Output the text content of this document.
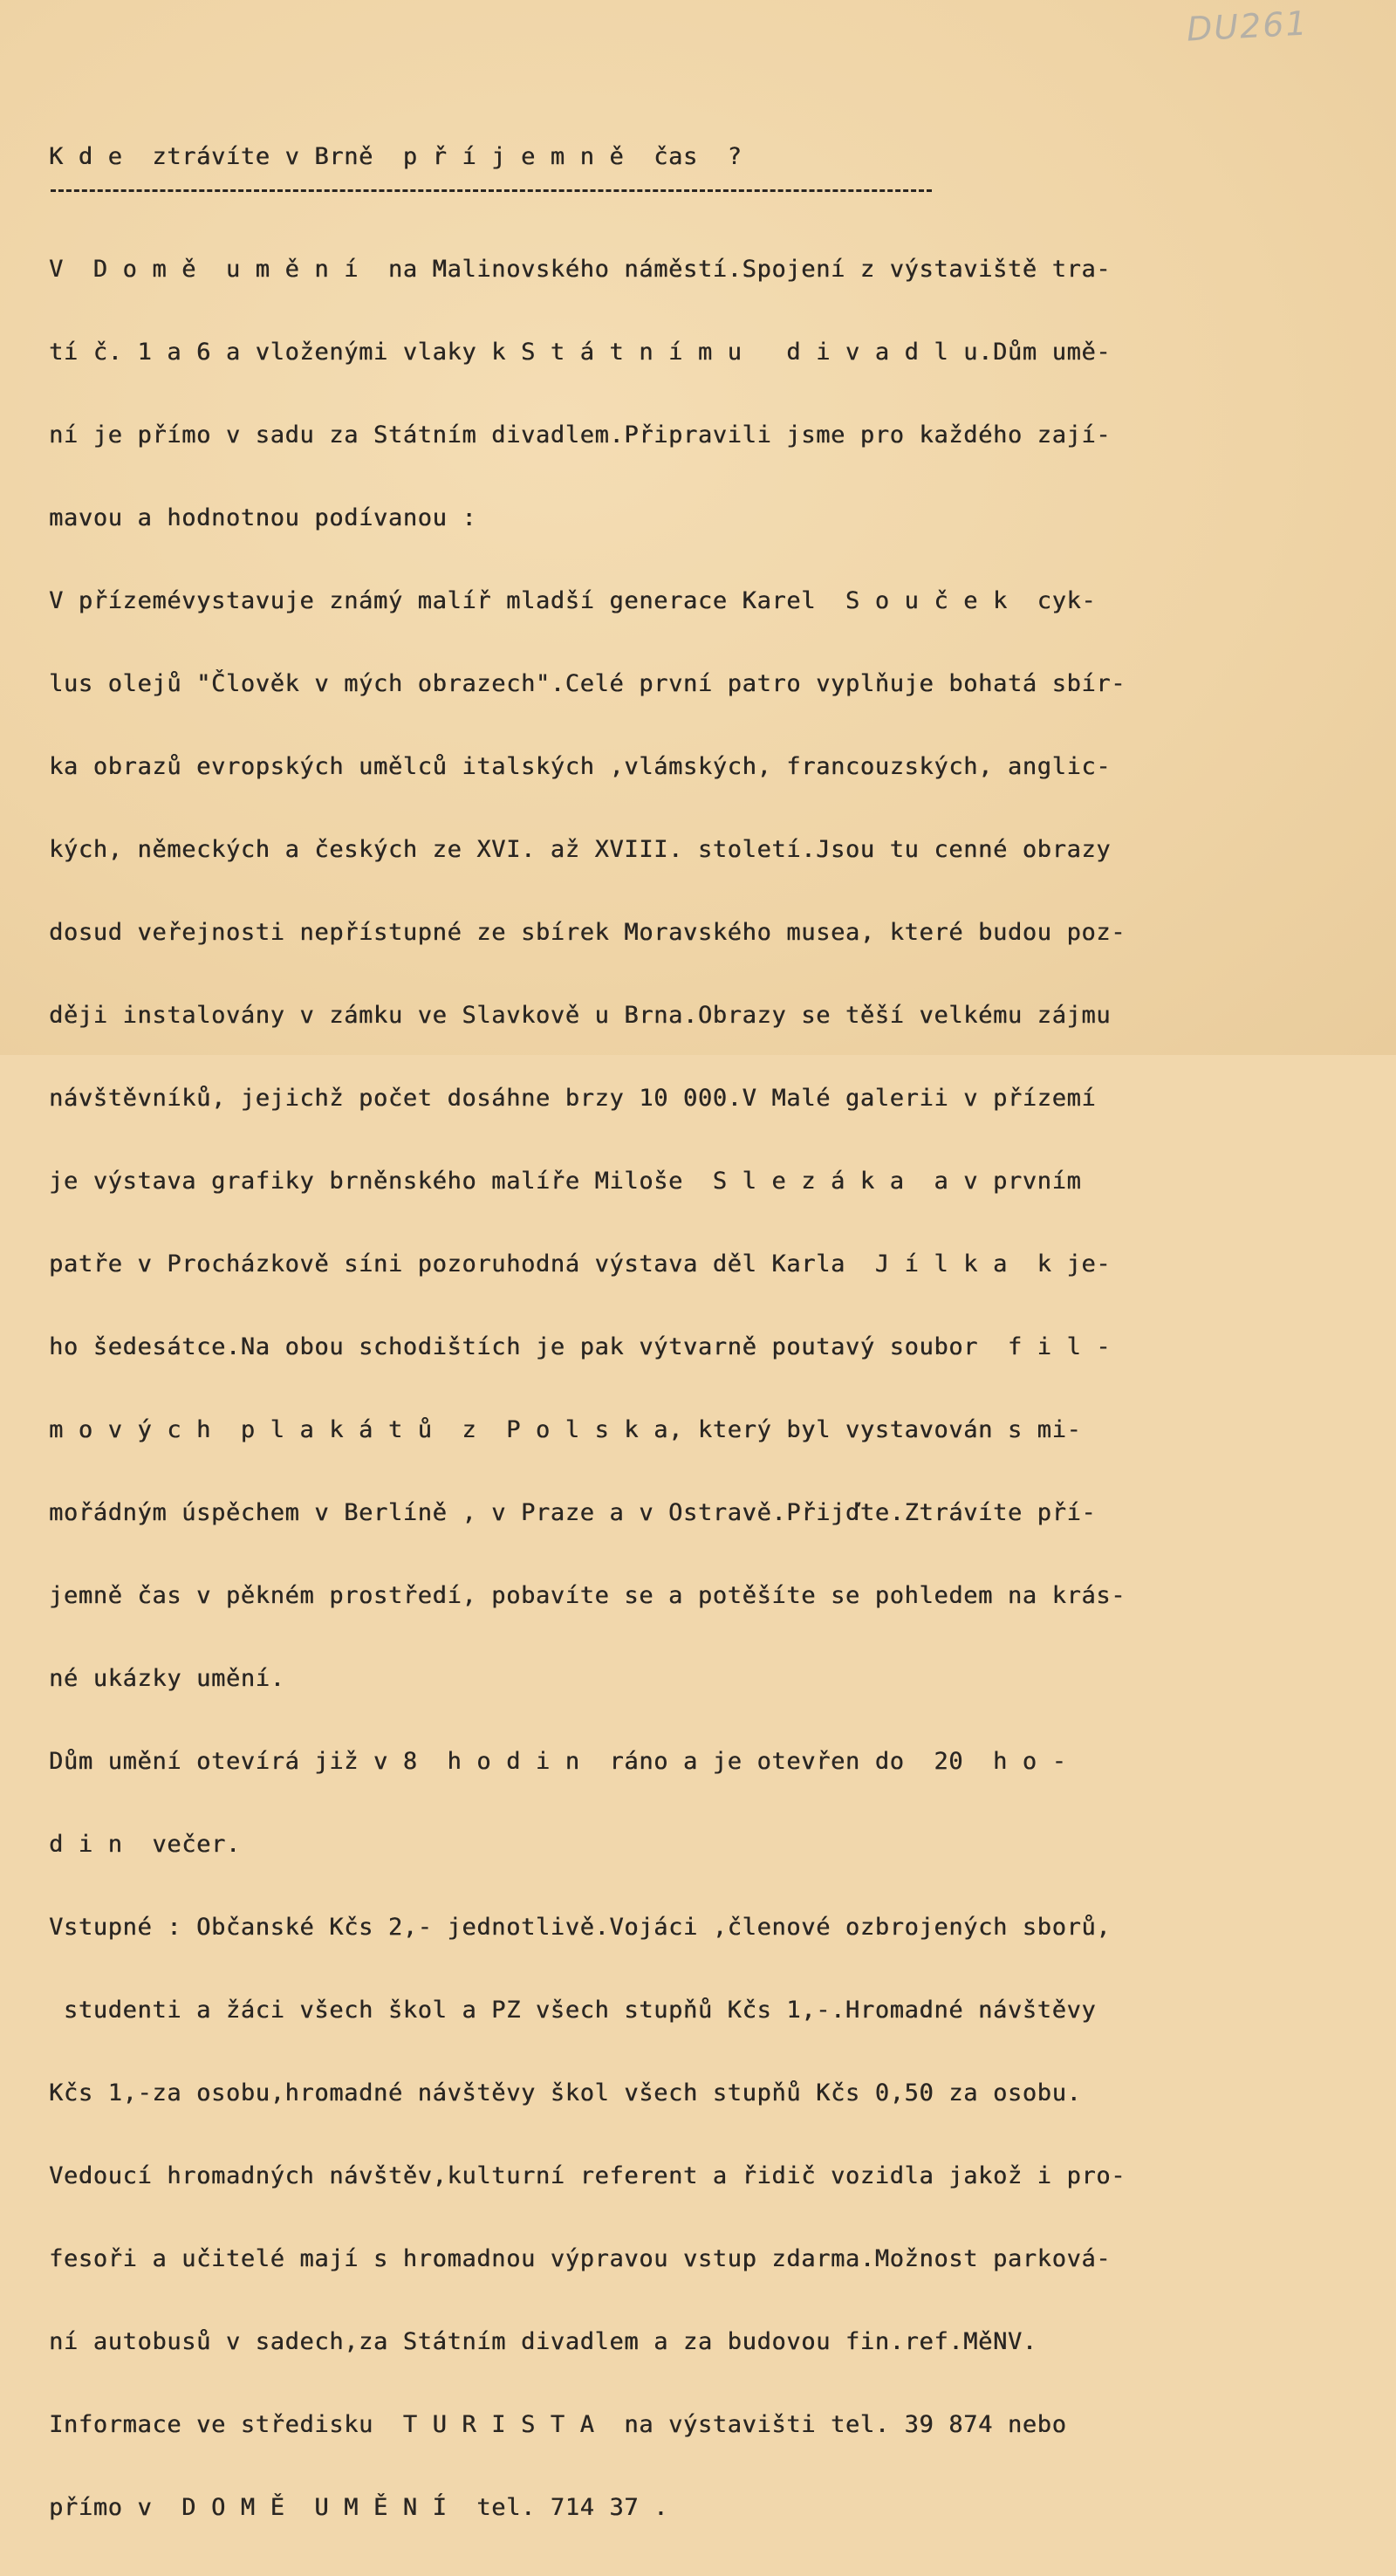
DU261
K d e  ztrávíte v Brně  p ř í j e m n ě  čas  ?

V  D o m ě  u m ě n í  na Malinovského náměstí.Spojení z výstaviště tra-

tí č. 1 a 6 a vloženými vlaky k S t á t n í m u   d i v a d l u.Dům umě-

ní je přímo v sadu za Státním divadlem.Připravili jsme pro každého zají-

mavou a hodnotnou podívanou :

V přízemévystavuje známý malíř mladší generace Karel  S o u č e k  cyk-

lus olejů "Člověk v mých obrazech".Celé první patro vyplňuje bohatá sbír-

ka obrazů evropských umělců italských ,vlámských, francouzských, anglic-

kých, německých a českých ze XVI. až XVIII. století.Jsou tu cenné obrazy

dosud veřejnosti nepřístupné ze sbírek Moravského musea, které budou poz-

ději instalovány v zámku ve Slavkově u Brna.Obrazy se těší velkému zájmu

návštěvníků, jejichž počet dosáhne brzy 10 000.V Malé galerii v přízemí

je výstava grafiky brněnského malíře Miloše  S l e z á k a  a v prvním

patře v Procházkově síni pozoruhodná výstava děl Karla  J í l k a  k je-

ho šedesátce.Na obou schodištích je pak výtvarně poutavý soubor  f i l -

m o v ý c h  p l a k á t ů  z  P o l s k a, který byl vystavován s mi-

mořádným úspěchem v Berlíně , v Praze a v Ostravě.Přijďte.Ztrávíte pří-

jemně čas v pěkném prostředí, pobavíte se a potěšíte se pohledem na krás-

né ukázky umění.

Dům umění otevírá již v 8  h o d i n  ráno a je otevřen do  20  h o -

d i n  večer.

Vstupné : Občanské Kčs 2,- jednotlivě.Vojáci ,členové ozbrojených sborů,

studenti a žáci všech škol a PZ všech stupňů Kčs 1,-.Hromadné návštěvy

Kčs 1,-za osobu,hromadné návštěvy škol všech stupňů Kčs 0,50 za osobu.

Vedoucí hromadných návštěv,kulturní referent a řidič vozidla jakož i pro-

fesoři a učitelé mají s hromadnou výpravou vstup zdarma.Možnost parková-

ní autobusů v sadech,za Státním divadlem a za budovou fin.ref.MěNV.

Informace ve středisku  T U R I S T A  na výstavišti tel. 39 874 nebo

přímo v  D O M Ě  U M Ě N Í  tel. 714 37 .
